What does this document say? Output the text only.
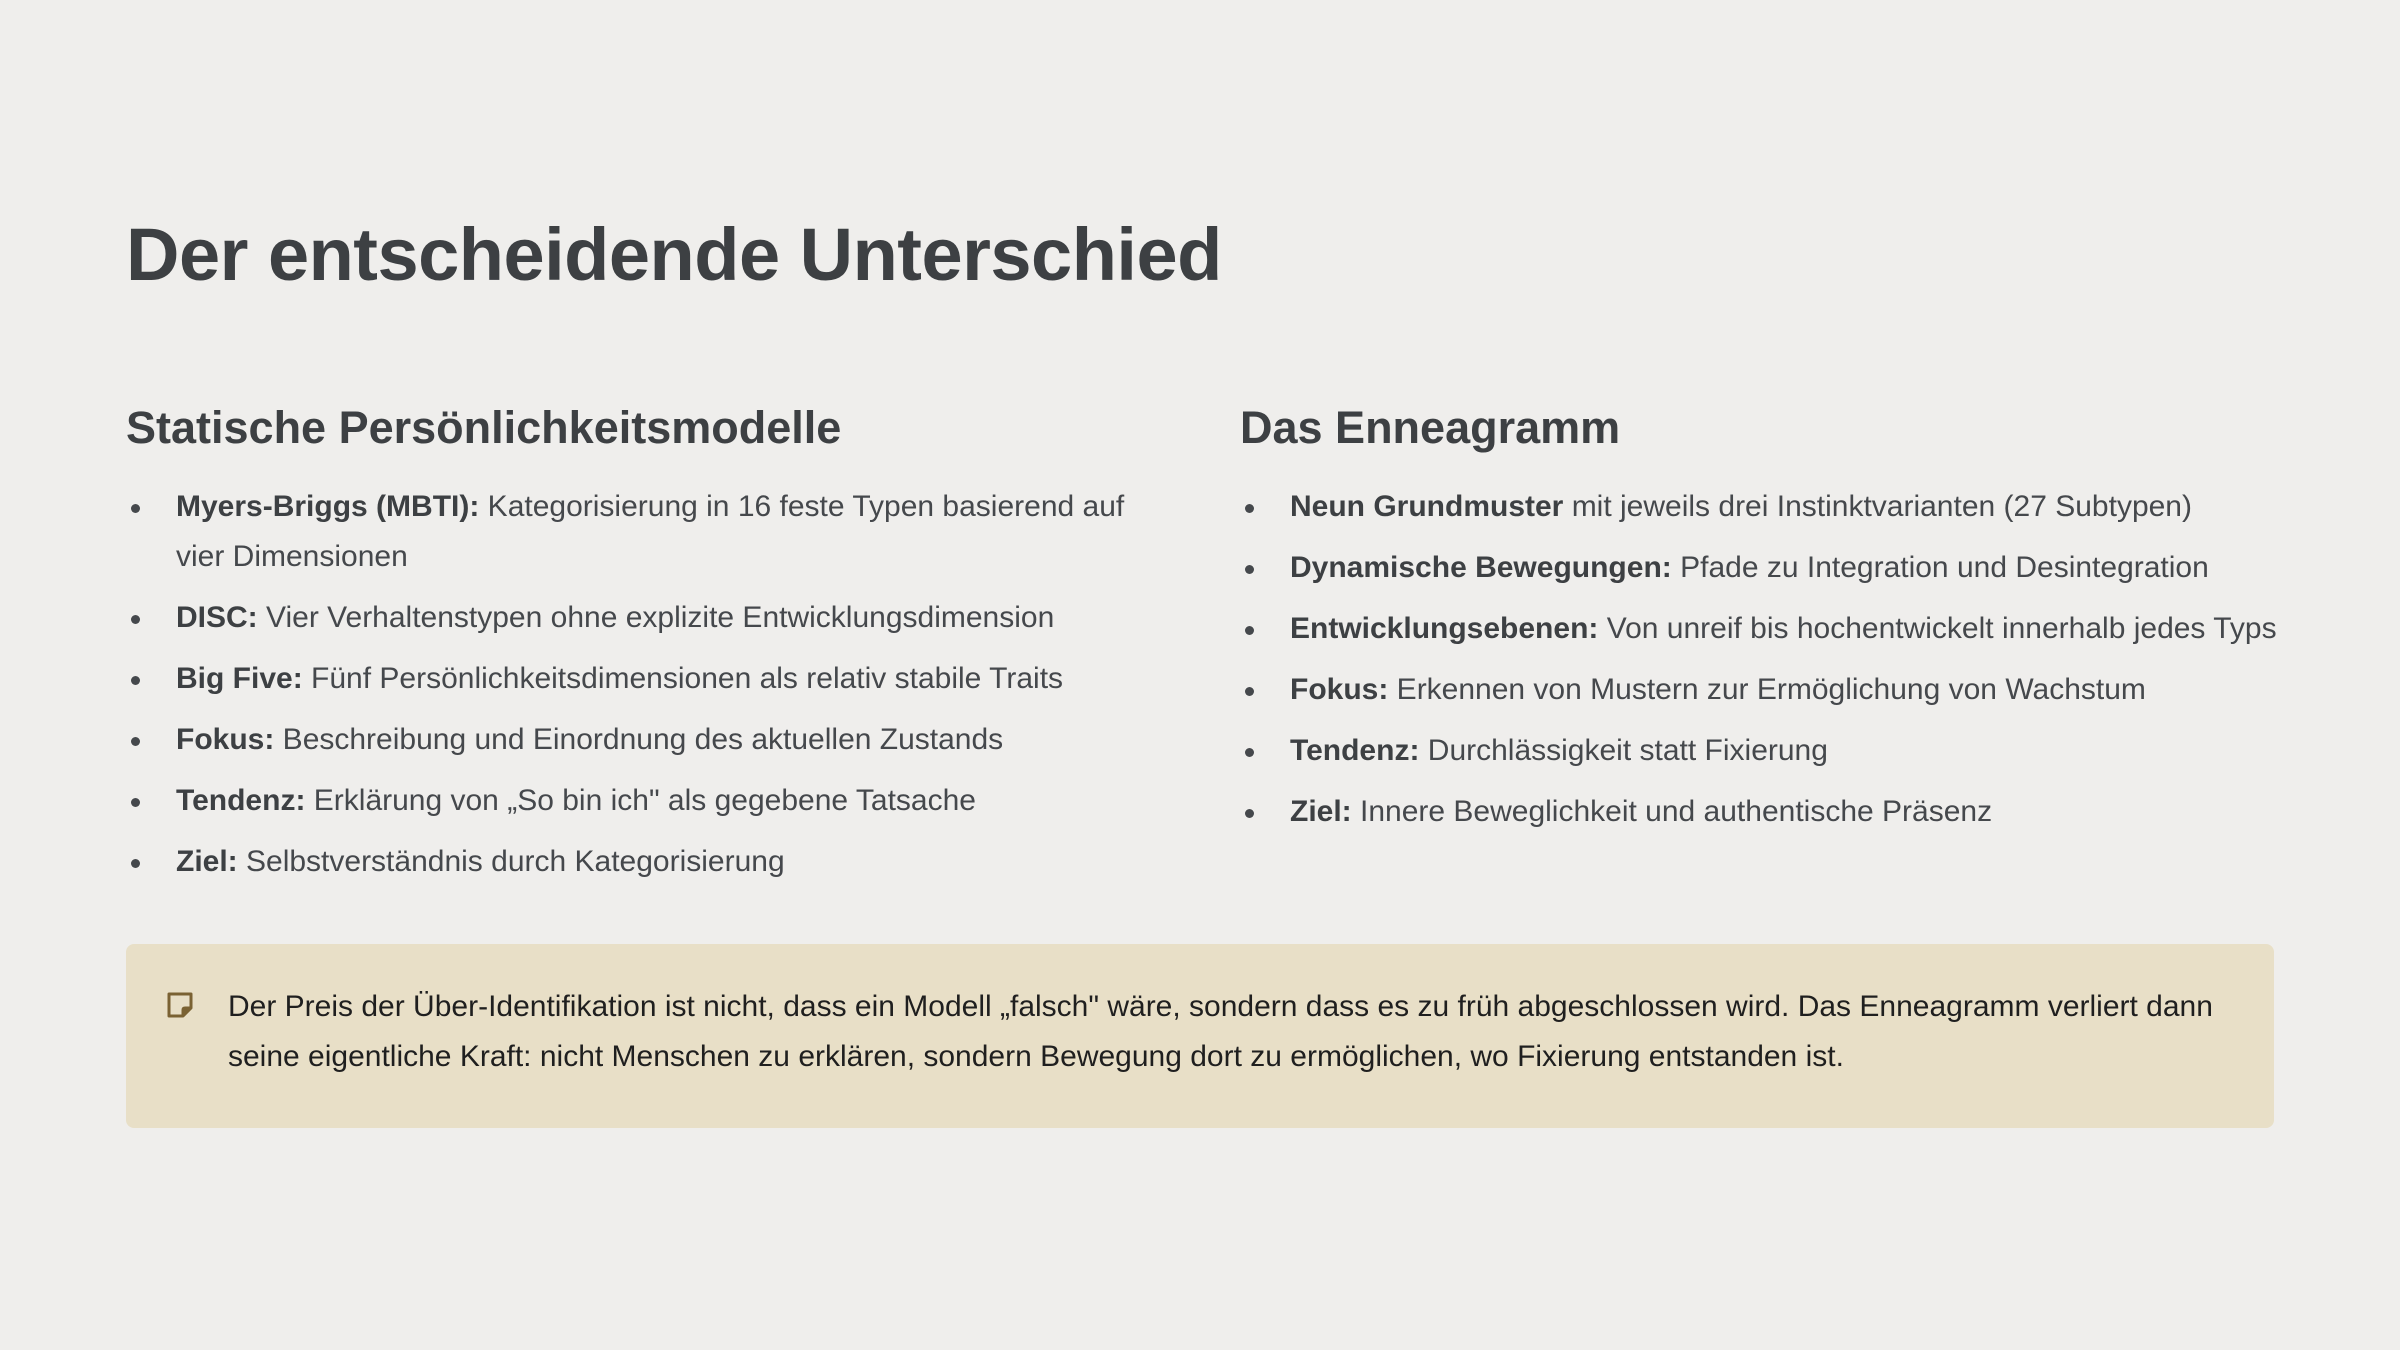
Der entscheidende Unterschied
Statische Persönlichkeitsmodelle
Myers-Briggs (MBTI): Kategorisierung in 16 feste Typen basierend auf vier Dimensionen
DISC: Vier Verhaltenstypen ohne explizite Entwicklungsdimension
Big Five: Fünf Persönlichkeitsdimensionen als relativ stabile Traits
Fokus: Beschreibung und Einordnung des aktuellen Zustands
Tendenz: Erklärung von „So bin ich" als gegebene Tatsache
Ziel: Selbstverständnis durch Kategorisierung
Das Enneagramm
Neun Grundmuster mit jeweils drei Instinktvarianten (27 Subtypen)
Dynamische Bewegungen: Pfade zu Integration und Desintegration
Entwicklungsebenen: Von unreif bis hochentwickelt innerhalb jedes Typs
Fokus: Erkennen von Mustern zur Ermöglichung von Wachstum
Tendenz: Durchlässigkeit statt Fixierung
Ziel: Innere Beweglichkeit und authentische Präsenz

Der Preis der Über-Identifikation ist nicht, dass ein Modell „falsch" wäre, sondern dass es zu früh abgeschlossen wird. Das Enneagramm verliert dann seine eigentliche Kraft: nicht Menschen zu erklären, sondern Bewegung dort zu ermöglichen, wo Fixierung entstanden ist.
